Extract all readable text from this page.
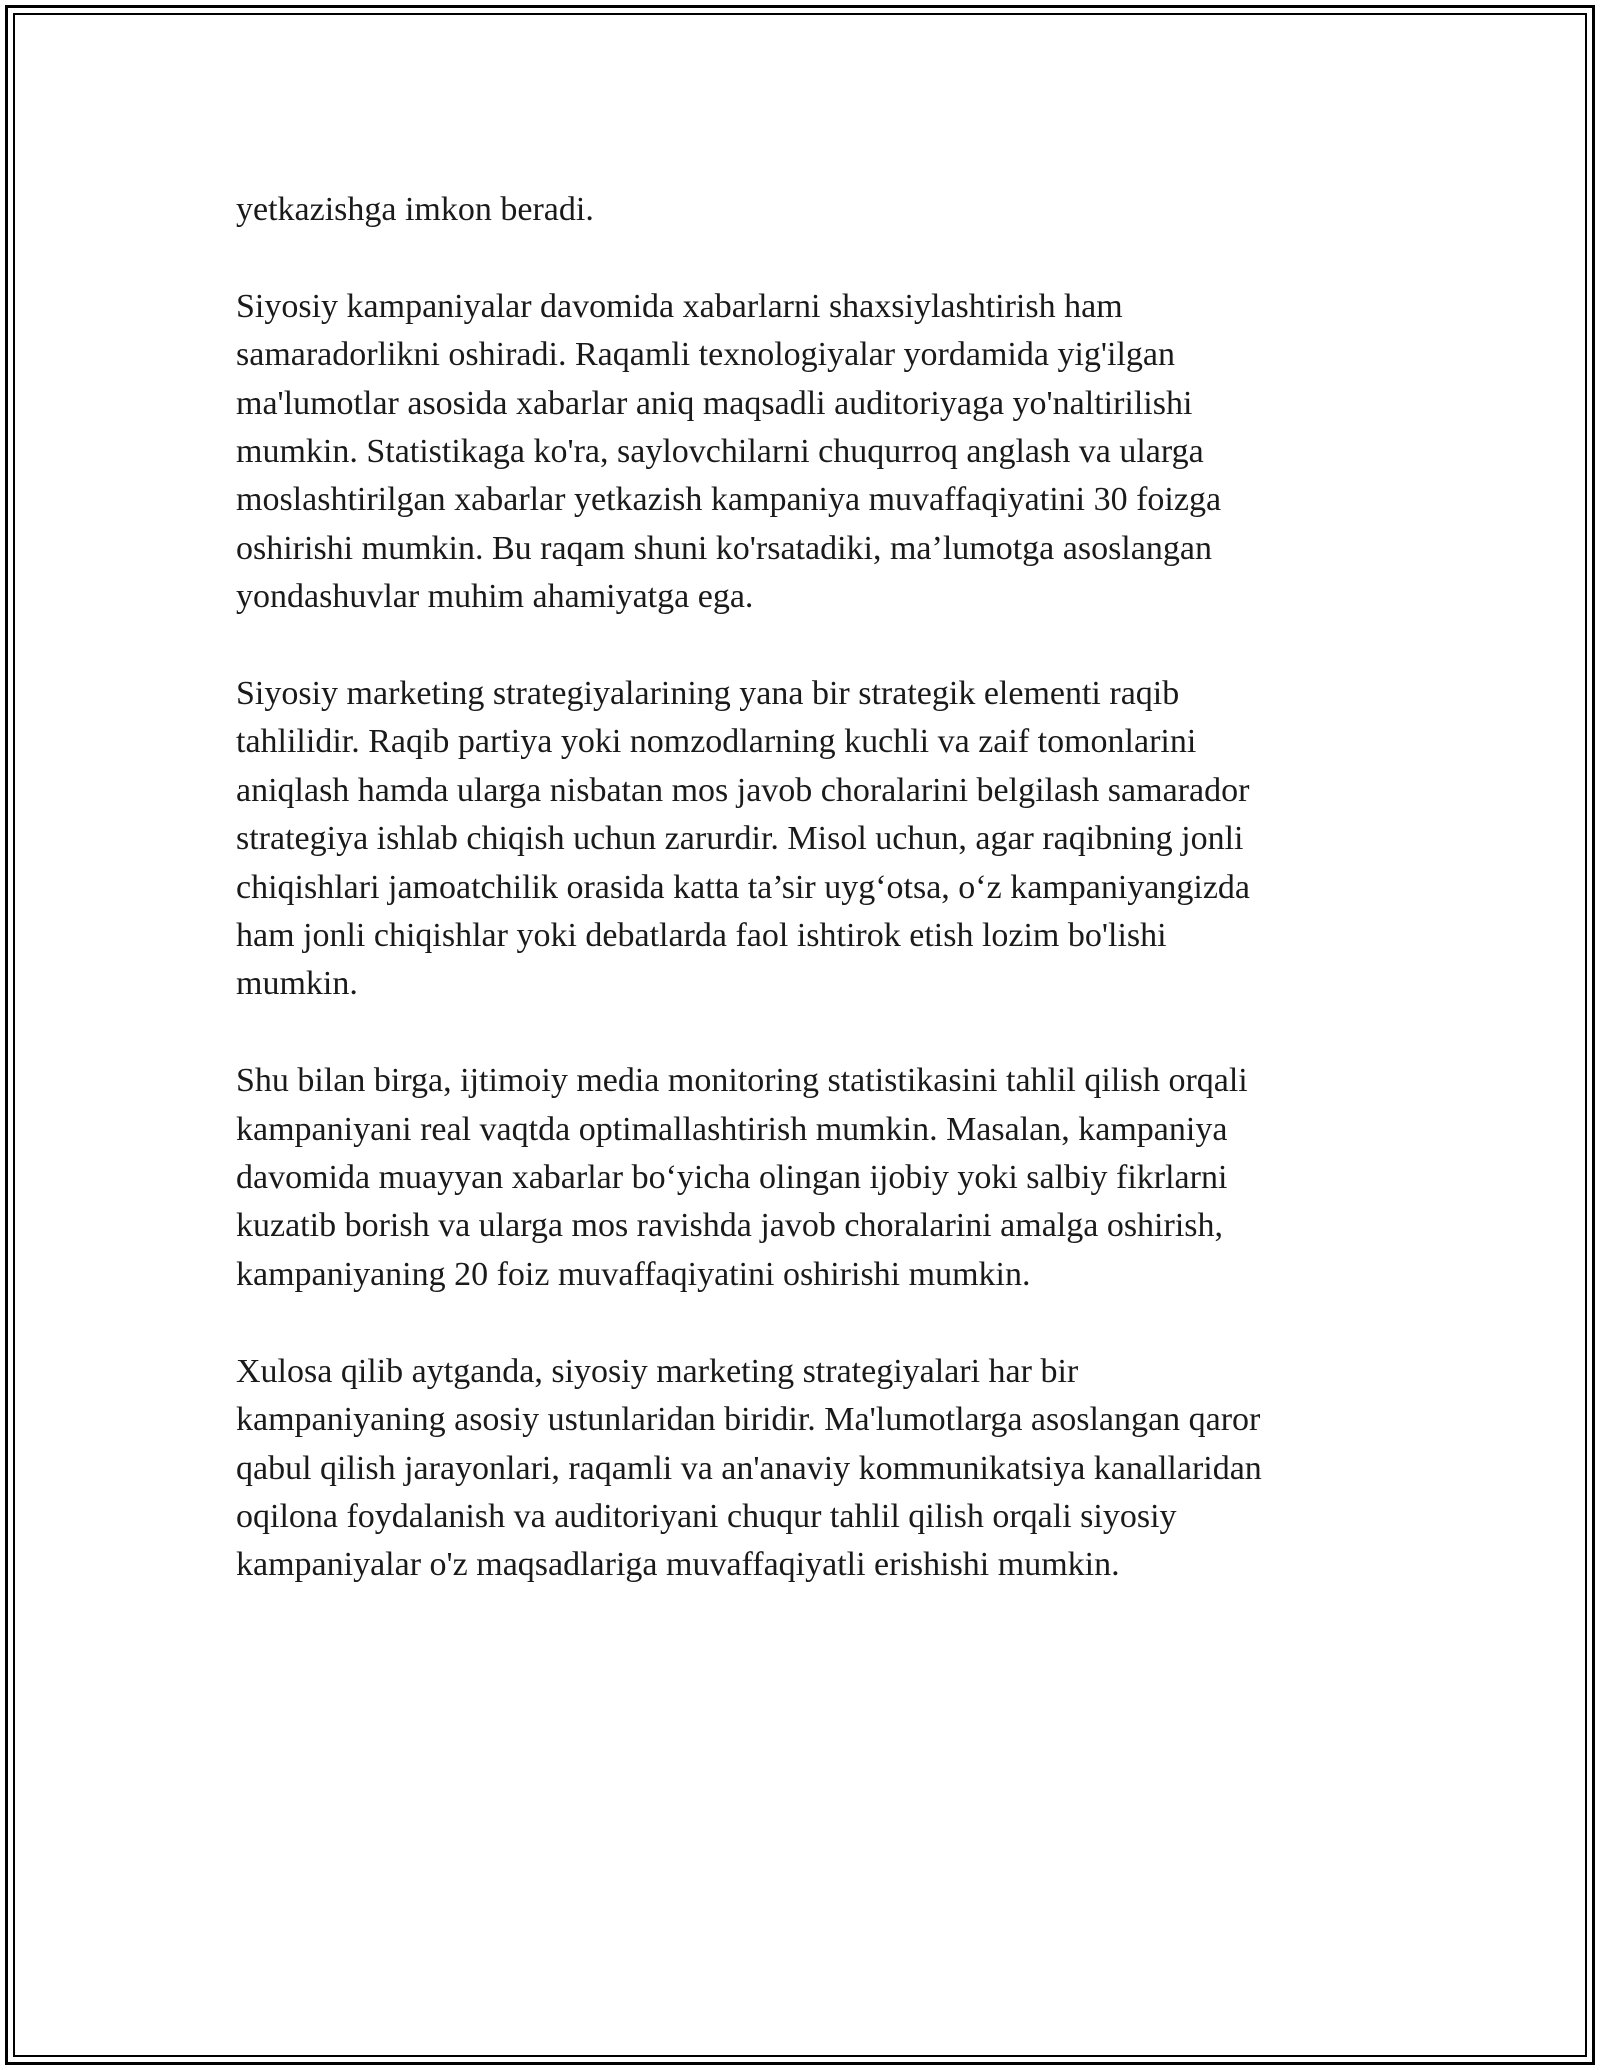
yetkazishga imkon beradi.

Siyosiy kampaniyalar davomida xabarlarni shaxsiylashtirish ham
samaradorlikni oshiradi. Raqamli texnologiyalar yordamida yig'ilgan
ma'lumotlar asosida xabarlar aniq maqsadli auditoriyaga yo'naltirilishi
mumkin. Statistikaga ko'ra, saylovchilarni chuqurroq anglash va ularga
moslashtirilgan xabarlar yetkazish kampaniya muvaffaqiyatini 30 foizga
oshirishi mumkin. Bu raqam shuni ko'rsatadiki, ma’lumotga asoslangan
yondashuvlar muhim ahamiyatga ega.

Siyosiy marketing strategiyalarining yana bir strategik elementi raqib
tahlilidir. Raqib partiya yoki nomzodlarning kuchli va zaif tomonlarini
aniqlash hamda ularga nisbatan mos javob choralarini belgilash samarador
strategiya ishlab chiqish uchun zarurdir. Misol uchun, agar raqibning jonli
chiqishlari jamoatchilik orasida katta ta’sir uyg‘otsa, o‘z kampaniyangizda
ham jonli chiqishlar yoki debatlarda faol ishtirok etish lozim bo'lishi
mumkin.

Shu bilan birga, ijtimoiy media monitoring statistikasini tahlil qilish orqali
kampaniyani real vaqtda optimallashtirish mumkin. Masalan, kampaniya
davomida muayyan xabarlar bo‘yicha olingan ijobiy yoki salbiy fikrlarni
kuzatib borish va ularga mos ravishda javob choralarini amalga oshirish,
kampaniyaning 20 foiz muvaffaqiyatini oshirishi mumkin.

Xulosa qilib aytganda, siyosiy marketing strategiyalari har bir
kampaniyaning asosiy ustunlaridan biridir. Ma'lumotlarga asoslangan qaror
qabul qilish jarayonlari, raqamli va an'anaviy kommunikatsiya kanallaridan
oqilona foydalanish va auditoriyani chuqur tahlil qilish orqali siyosiy
kampaniyalar o'z maqsadlariga muvaffaqiyatli erishishi mumkin.
